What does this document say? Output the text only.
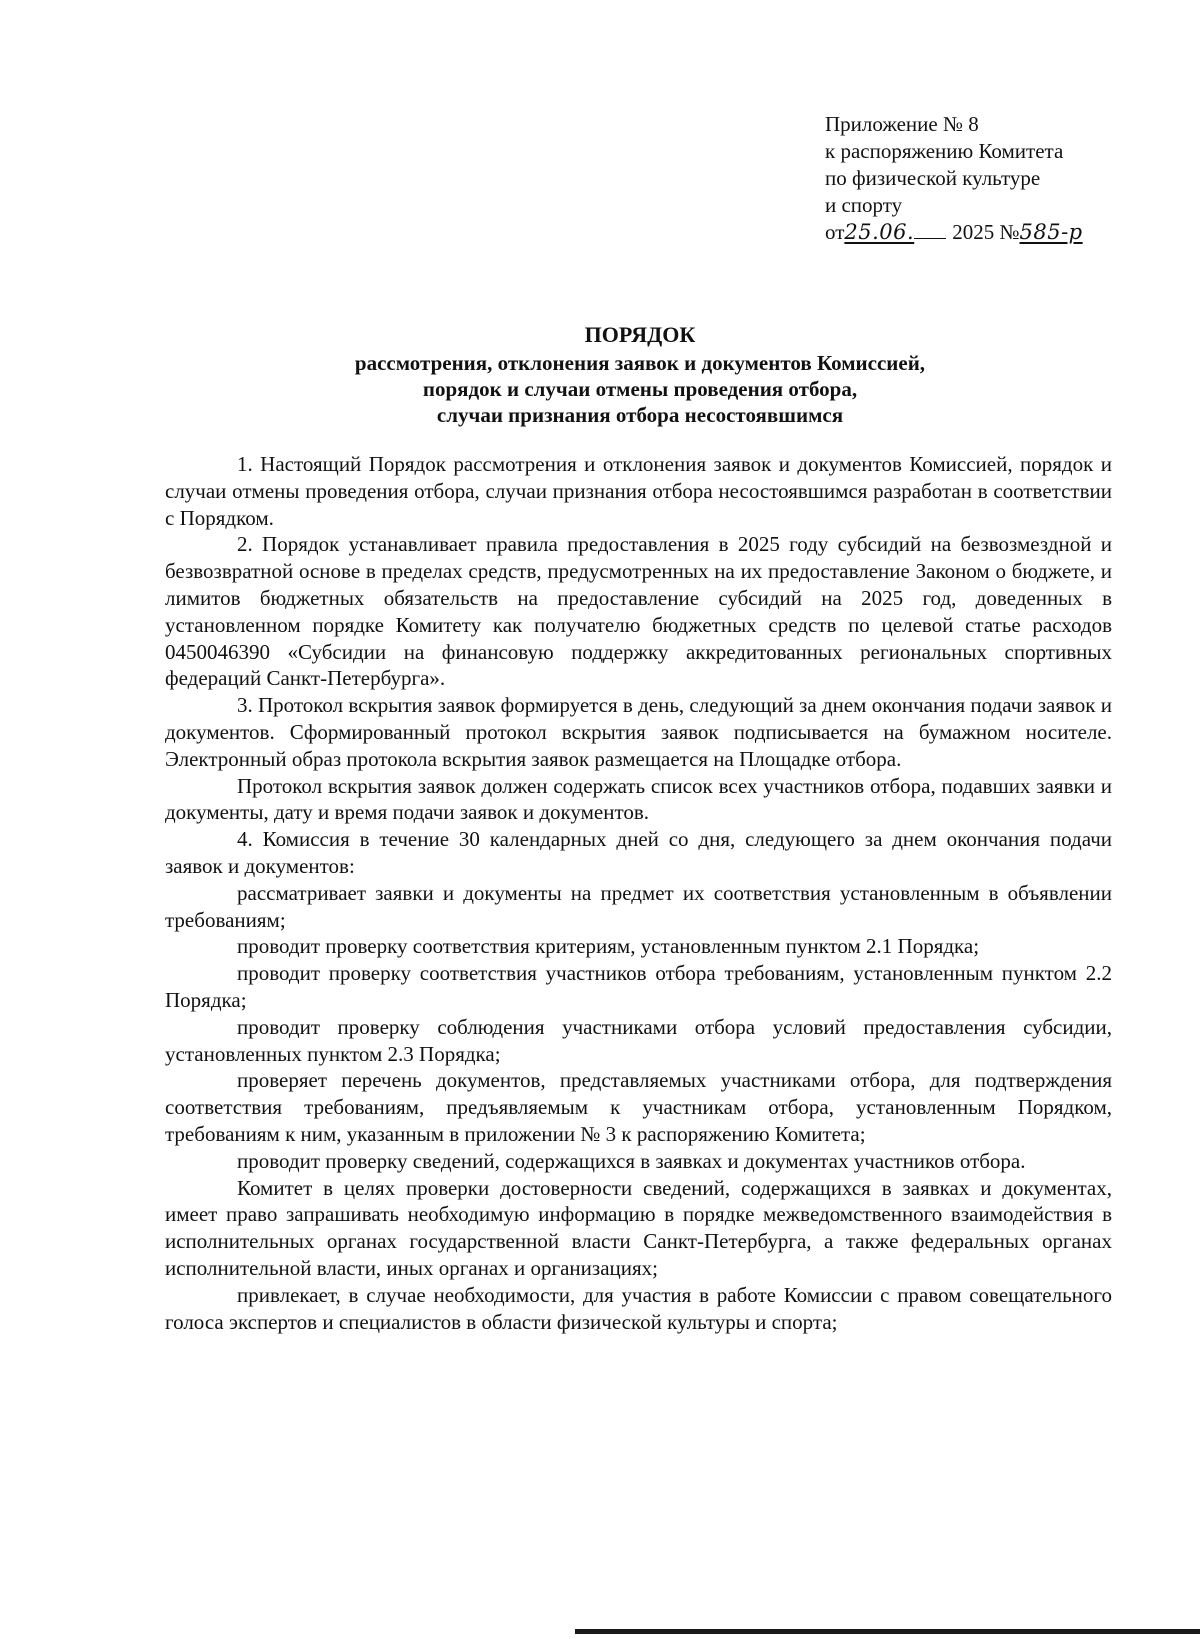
Приложение № 8
к распоряжению Комитета
по физической культуре
и спорту
от25.06. 2025 №585-р
ПОРЯДОК
рассмотрения, отклонения заявок и документов Комиссией,
порядок и случаи отмены проведения отбора,
случаи признания отбора несостоявшимся

1. Настоящий Порядок рассмотрения и отклонения заявок и документов Комиссией, порядок и случаи отмены проведения отбора, случаи признания отбора несостоявшимся разработан в соответствии с Порядком.

2. Порядок устанавливает правила предоставления в 2025 году субсидий на безвозмездной и безвозвратной основе в пределах средств, предусмотренных на их предоставление Законом о бюджете, и лимитов бюджетных обязательств на предоставление субсидий на 2025 год, доведенных в установленном порядке Комитету как получателю бюджетных средств по целевой статье расходов 0450046390 «Субсидии на финансовую поддержку аккредитованных региональных спортивных федераций Санкт-Петербурга».

3. Протокол вскрытия заявок формируется в день, следующий за днем окончания подачи заявок и документов. Сформированный протокол вскрытия заявок подписывается на бумажном носителе. Электронный образ протокола вскрытия заявок размещается на Площадке отбора.

Протокол вскрытия заявок должен содержать список всех участников отбора, подавших заявки и документы, дату и время подачи заявок и документов.

4. Комиссия в течение 30 календарных дней со дня, следующего за днем окончания подачи заявок и документов:

рассматривает заявки и документы на предмет их соответствия установленным в объявлении требованиям;

проводит проверку соответствия критериям, установленным пунктом 2.1 Порядка;

проводит проверку соответствия участников отбора требованиям, установленным пунктом 2.2 Порядка;

проводит проверку соблюдения участниками отбора условий предоставления субсидии, установленных пунктом 2.3 Порядка;

проверяет перечень документов, представляемых участниками отбора, для подтверждения соответствия требованиям, предъявляемым к участникам отбора, установленным Порядком, требованиям к ним, указанным в приложении № 3 к распоряжению Комитета;

проводит проверку сведений, содержащихся в заявках и документах участников отбора.

Комитет в целях проверки достоверности сведений, содержащихся в заявках и документах, имеет право запрашивать необходимую информацию в порядке межведомственного взаимодействия в исполнительных органах государственной власти Санкт-Петербурга, а также федеральных органах исполнительной власти, иных органах и организациях;

привлекает, в случае необходимости, для участия в работе Комиссии с правом совещательного голоса экспертов и специалистов в области физической культуры и спорта;
